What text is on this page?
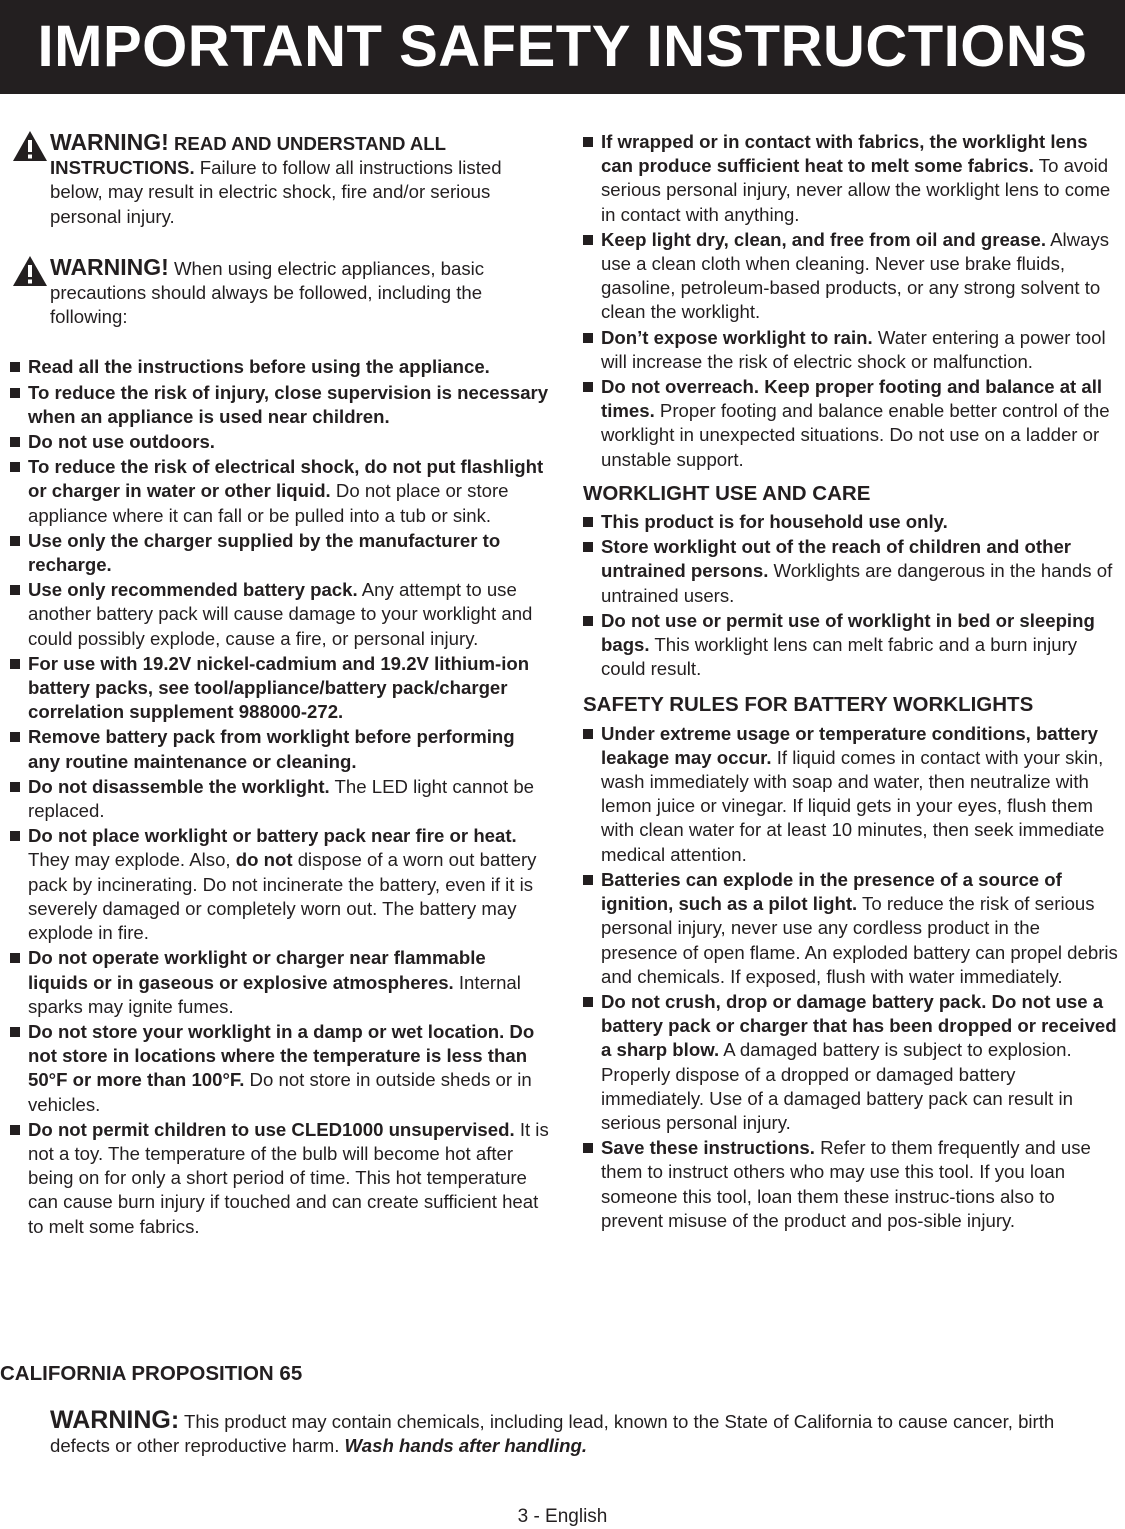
IMPORTANT SAFETY INSTRUCTIONS
WARNING! READ AND UNDERSTAND ALL INSTRUCTIONS. Failure to follow all instructions listed below, may result in electric shock, fire and/or serious personal injury.
WARNING! When using electric appliances, basic precautions should always be followed, including the following:
Read all the instructions before using the appliance.
To reduce the risk of injury, close supervision is necessary when an appliance is used near children.
Do not use outdoors.
To reduce the risk of electrical shock, do not put flashlight or charger in water or other liquid. Do not place or store appliance where it can fall or be pulled into a tub or sink.
Use only the charger supplied by the manufacturer to recharge.
Use only recommended battery pack. Any attempt to use another battery pack will cause damage to your worklight and could possibly explode, cause a fire, or personal injury.
For use with 19.2V nickel-cadmium and 19.2V lithium-ion battery packs, see tool/appliance/battery pack/charger correlation supplement 988000-272.
Remove battery pack from worklight before performing any routine maintenance or cleaning.
Do not disassemble the worklight. The LED light cannot be replaced.
Do not place worklight or battery pack near fire or heat. They may explode. Also, do not dispose of a worn out battery pack by incinerating. Do not incinerate the battery, even if it is severely damaged or completely worn out. The battery may explode in fire.
Do not operate worklight or charger near flammable liquids or in gaseous or explosive atmospheres. Internal sparks may ignite fumes.
Do not store your worklight in a damp or wet location. Do not store in locations where the temperature is less than 50°F or more than 100°F. Do not store in outside sheds or in vehicles.
Do not permit children to use CLED1000 unsupervised. It is not a toy. The temperature of the bulb will become hot after being on for only a short period of time. This hot temperature can cause burn injury if touched and can create sufficient heat to melt some fabrics.
If wrapped or in contact with fabrics, the worklight lens can produce sufficient heat to melt some fabrics. To avoid serious personal injury, never allow the worklight lens to come in contact with anything.
Keep light dry, clean, and free from oil and grease. Always use a clean cloth when cleaning. Never use brake fluids, gasoline, petroleum-based products, or any strong solvent to clean the worklight.
Don’t expose worklight to rain. Water entering a power tool will increase the risk of electric shock or malfunction.
Do not overreach. Keep proper footing and balance at all times. Proper footing and balance enable better control of the worklight in unexpected situations. Do not use on a ladder or unstable support.
WORKLIGHT USE AND CARE
This product is for household use only.
Store worklight out of the reach of children and other untrained persons. Worklights are dangerous in the hands of untrained users.
Do not use or permit use of worklight in bed or sleeping bags. This worklight lens can melt fabric and a burn injury could result.
SAFETY RULES FOR BATTERY WORKLIGHTS
Under extreme usage or temperature conditions, battery leakage may occur. If liquid comes in contact with your skin, wash immediately with soap and water, then neutralize with lemon juice or vinegar. If liquid gets in your eyes, flush them with clean water for at least 10 minutes, then seek immediate medical attention.
Batteries can explode in the presence of a source of ignition, such as a pilot light. To reduce the risk of serious personal injury, never use any cordless product in the presence of open flame. An exploded battery can propel debris and chemicals. If exposed, flush with water immediately.
Do not crush, drop or damage battery pack. Do not use a battery pack or charger that has been dropped or received a sharp blow. A damaged battery is subject to explosion. Properly dispose of a dropped or damaged battery immediately. Use of a damaged battery pack can result in serious personal injury.
Save these instructions. Refer to them frequently and use them to instruct others who may use this tool. If you loan someone this tool, loan them these instruc-tions also to prevent misuse of the product and pos-sible injury.
CALIFORNIA PROPOSITION 65
WARNING: This product may contain chemicals, including lead, known to the State of California to cause cancer, birth defects or other reproductive harm. Wash hands after handling.
3 - English
